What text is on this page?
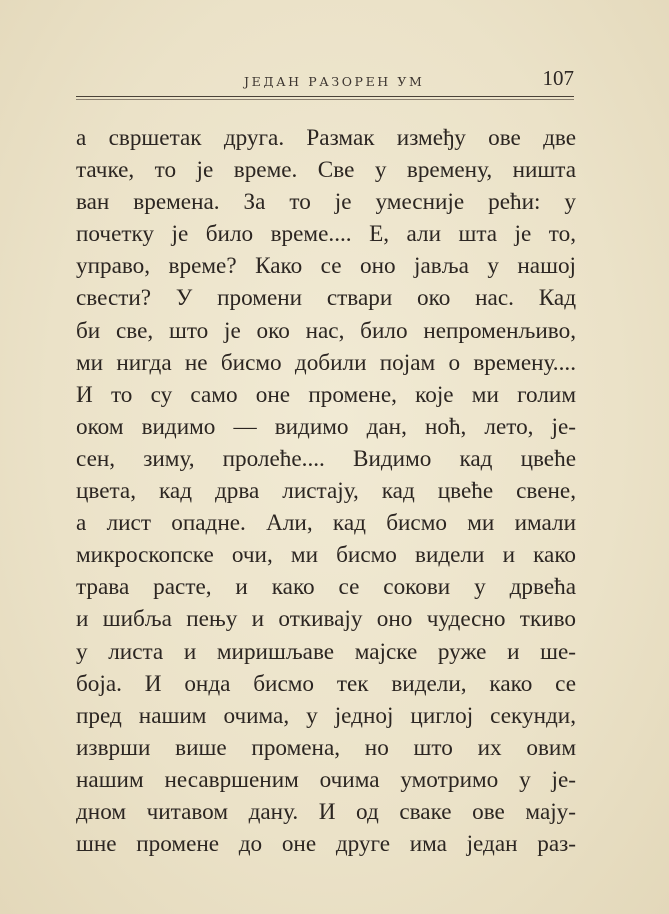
ЈЕДАН РАЗОРЕН УМ	107
а свршетак друга. Размак између ове две
тачке, то је време. Све у времену, ништа
ван времена. За то је умесније рећи: у
почетку је било време.... Е, али шта је то,
управо, време? Како се оно јавља у нашој
свести? У промени ствари око нас. Кад
би све, што је око нас, било непроменљиво,
ми нигда не бисмо добили појам о времену....
И то су само оне промене, које ми голим
оком видимо — видимо дан, ноћ, лето, је-
сен, зиму, пролеће.... Видимо кад цвеће
цвета, кад дрва листају, кад цвеће свене,
а лист опадне. Али, кад бисмо ми имали
микроскопске очи, ми бисмо видели и како
трава расте, и како се сокови у дрвећа
и шибља пењу и откивају оно чудесно ткиво
у листа и миришљаве мајске руже и ше-
боја. И онда бисмо тек видели, како се
пред нашим очима, у једној циглој секунди,
изврши више промена, но што их овим
нашим несавршеним очима умотримо у је-
дном читавом дану. И од сваке ове мају-
шне промене до оне друге има један раз-
